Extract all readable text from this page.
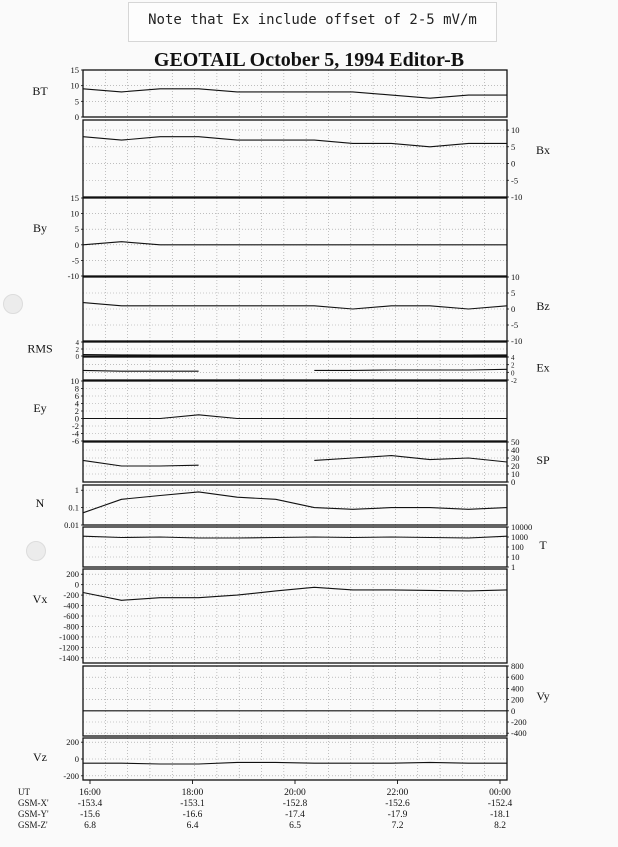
Note that Ex include offset of 2-5 mV/m
GEOTAIL October 5, 1994 Editor-B
0
5
10
15
BT
-10
-5
0
5
10
Bx
-10
-5
0
5
10
15
By
-10
-5
0
5
10
Bz
0
2
4
RMS
-2
0
2
4
Ex
-6
-4
-2
0
2
4
6
8
10
Ey
0
10
20
30
40
50
SP
0.01
0.1
1
N
1
10
100
1000
10000
T
-1400
-1200
-1000
-800
-600
-400
-200
0
200
Vx
-400
-200
0
200
400
600
800
Vy
-200
0
200
Vz
UT	16:00	18:00	20:00	22:00	00:00
GSM-X'	-153.4	-153.1	-152.8	-152.6	-152.4
GSM-Y'	-15.6	-16.6	-17.4	-17.9	-18.1
GSM-Z'	6.8	6.4	6.5	7.2	8.2
